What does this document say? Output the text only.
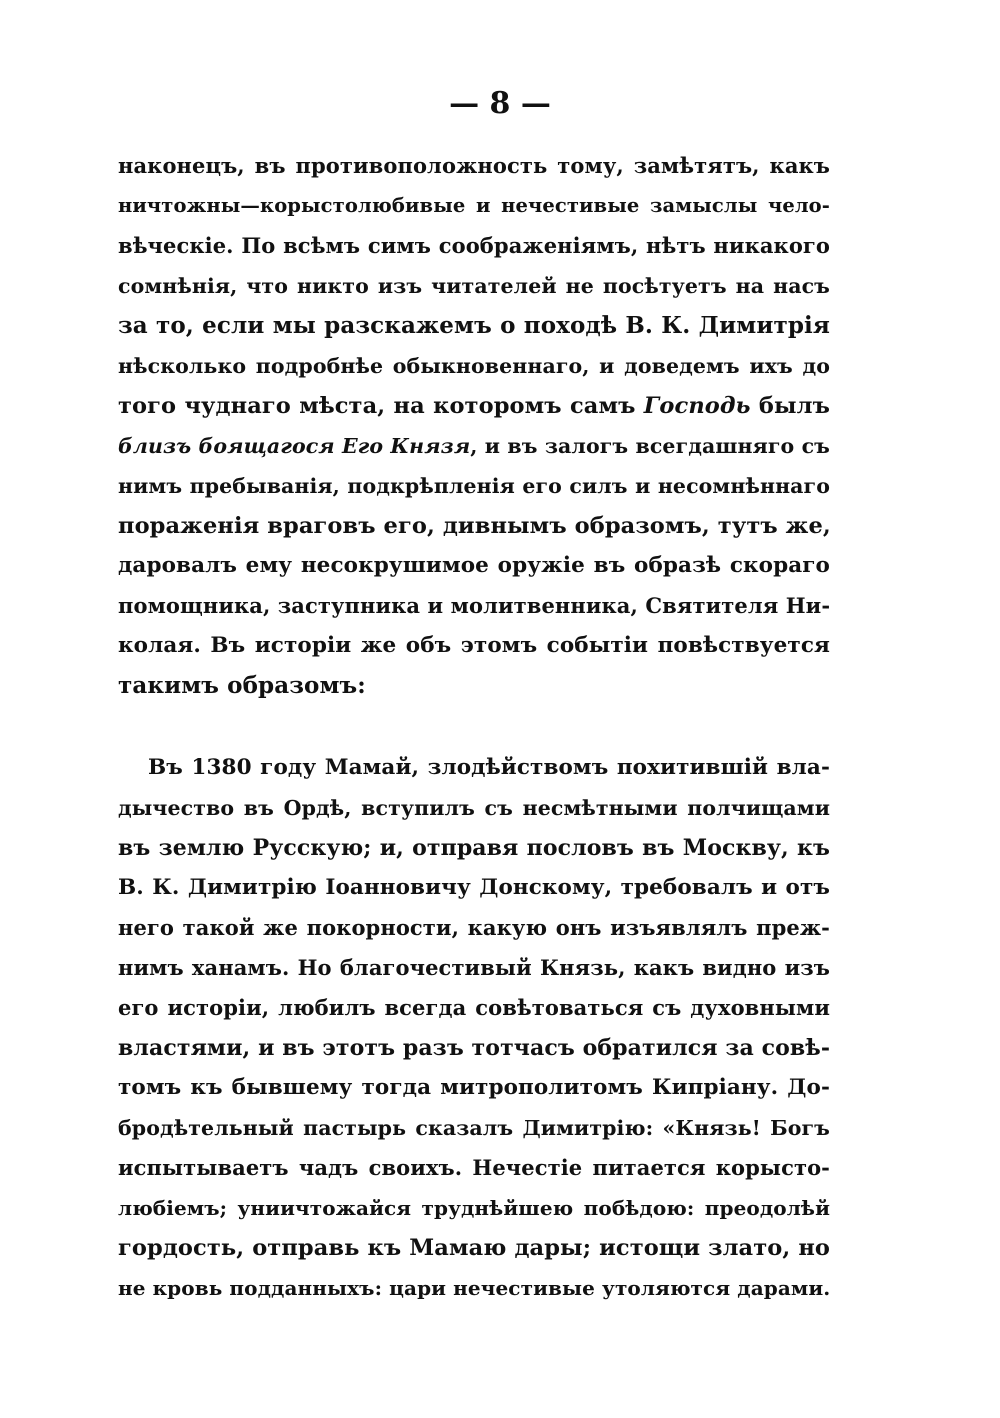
— 8 —
наконецъ, въ противоположность тому, замѣтятъ, какъ
ничтожны—корыстолюбивые и нечестивые замыслы чело-
вѣческіе. По всѣмъ симъ соображеніямъ, нѣтъ никакого
сомнѣнія, что никто изъ читателей не посѣтуетъ на насъ
за то, если мы разскажемъ о походѣ В. К. Димитрія
нѣсколько подробнѣе обыкновеннаго, и доведемъ ихъ до
того чуднаго мѣста, на которомъ самъ Господь былъ
близъ боящагося Его Князя, и въ залогъ всегдашняго съ
нимъ пребыванія, подкрѣпленія его силъ и несомнѣннаго
пораженія враговъ его, дивнымъ образомъ, тутъ же,
даровалъ ему несокрушимое оружіе въ образѣ скораго
помощника, заступника и молитвенника, Святителя Ни-
колая. Въ исторіи же объ этомъ событіи повѣствуется
такимъ образомъ:
Въ 1380 году Мамай, злодѣйствомъ похитившій вла-
дычество въ Ордѣ, вступилъ съ несмѣтными полчищами
въ землю Русскую; и, отправя пословъ въ Москву, къ
В. К. Димитрію Іоанновичу Донскому, требовалъ и отъ
него такой же покорности, какую онъ изъявлялъ преж-
нимъ ханамъ. Но благочестивый Князь, какъ видно изъ
его исторіи, любилъ всегда совѣтоваться съ духовными
властями, и въ этотъ разъ тотчасъ обратился за совѣ-
томъ къ бывшему тогда митрополитомъ Кипріану. До-
бродѣтельный пастырь сказалъ Димитрію: «Князь! Богъ
испытываетъ чадъ своихъ. Нечестіе питается корысто-
любіемъ; униичтожайся труднѣйшею побѣдою: преодолѣй
гордость, отправь къ Мамаю дары; истощи злато, но
не кровь подданныхъ: цари нечестивые утоляются дарами.
